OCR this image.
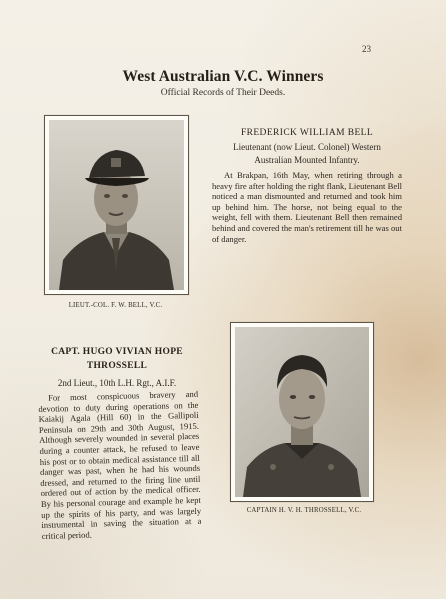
23
West Australian V.C. Winners
Official Records of Their Deeds.
LIEUT.-COL. F. W. BELL, V.C.
FREDERICK WILLIAM BELL
Lieutenant (now Lieut. Colonel) Western
Australian Mounted Infantry.
At Brakpan, 16th May, when retiring through a heavy fire after holding the right flank, Lieutenant Bell noticed a man dismounted and returned and took him up behind him. The horse, not being equal to the weight, fell with them. Lieutenant Bell then remained behind and covered the man's retirement till he was out of danger.
CAPT. HUGO VIVIAN HOPE
THROSSELL
2nd Lieut., 10th L.H. Rgt., A.I.F.
For most conspicuous bravery and devotion to duty during operations on the Kaiakij Agala (Hill 60) in the Gallipoli Peninsula on 29th and 30th August, 1915. Although severely wounded in several places during a counter attack, he refused to leave his post or to obtain medical assistance till all danger was past, when he had his wounds dressed, and returned to the firing line until ordered out of action by the medical officer. By his personal courage and example he kept up the spirits of his party, and was largely instrumental in saving the situation at a critical period.
CAPTAIN H. V. H. THROSSELL, V.C.
